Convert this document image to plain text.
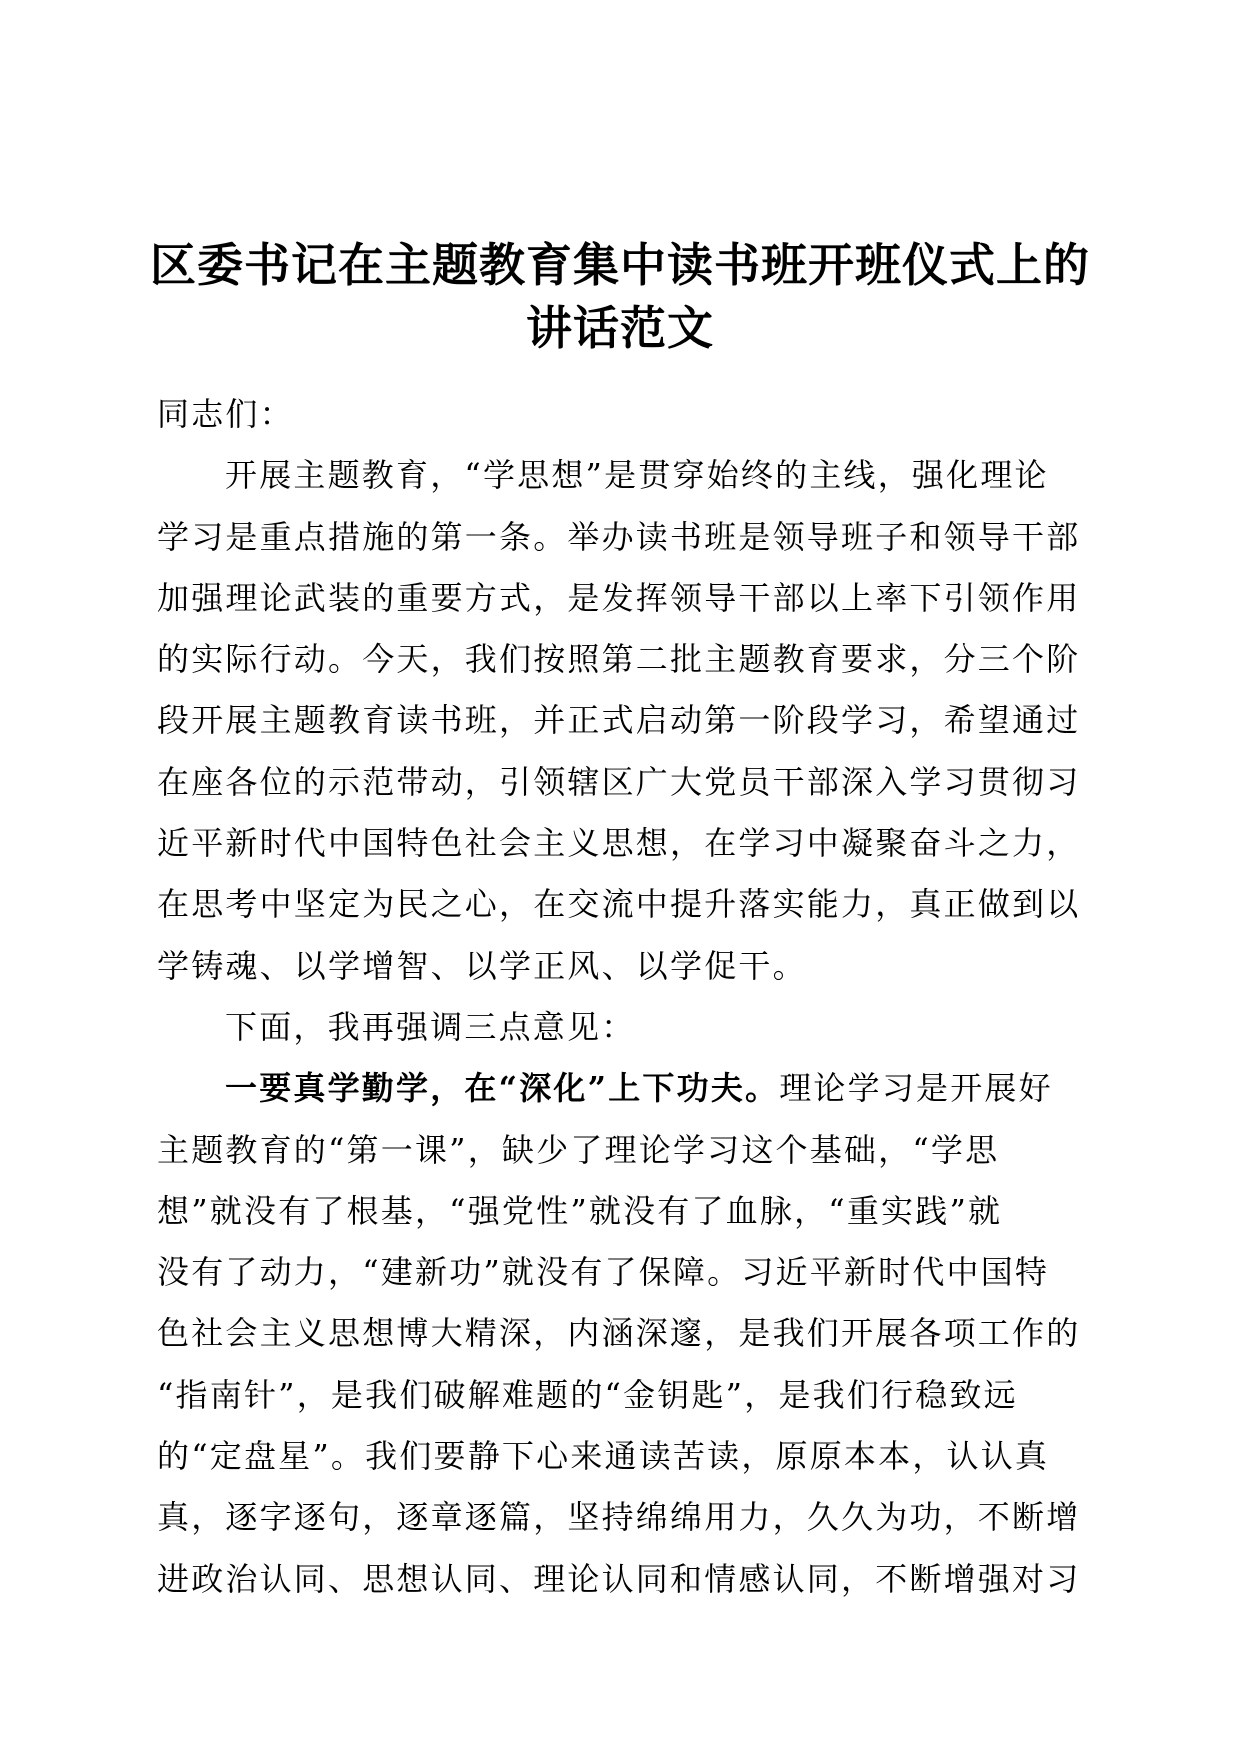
区委书记在主题教育集中读书班开班仪式上的
讲话范文
同志们：
开展主题教育，“学思想”是贯穿始终的主线，强化理论
学习是重点措施的第一条。举办读书班是领导班子和领导干部
加强理论武装的重要方式，是发挥领导干部以上率下引领作用
的实际行动。今天，我们按照第二批主题教育要求，分三个阶
段开展主题教育读书班，并正式启动第一阶段学习，希望通过
在座各位的示范带动，引领辖区广大党员干部深入学习贯彻习
近平新时代中国特色社会主义思想，在学习中凝聚奋斗之力，
在思考中坚定为民之心，在交流中提升落实能力，真正做到以
学铸魂、以学增智、以学正风、以学促干。
下面，我再强调三点意见：
一要真学勤学，在“深化”上下功夫。理论学习是开展好
主题教育的“第一课”，缺少了理论学习这个基础，“学思
想”就没有了根基，“强党性”就没有了血脉，“重实践”就
没有了动力，“建新功”就没有了保障。习近平新时代中国特
色社会主义思想博大精深，内涵深邃，是我们开展各项工作的
“指南针”，是我们破解难题的“金钥匙”，是我们行稳致远
的“定盘星”。我们要静下心来通读苦读，原原本本，认认真
真，逐字逐句，逐章逐篇，坚持绵绵用力，久久为功，不断增
进政治认同、思想认同、理论认同和情感认同，不断增强对习
